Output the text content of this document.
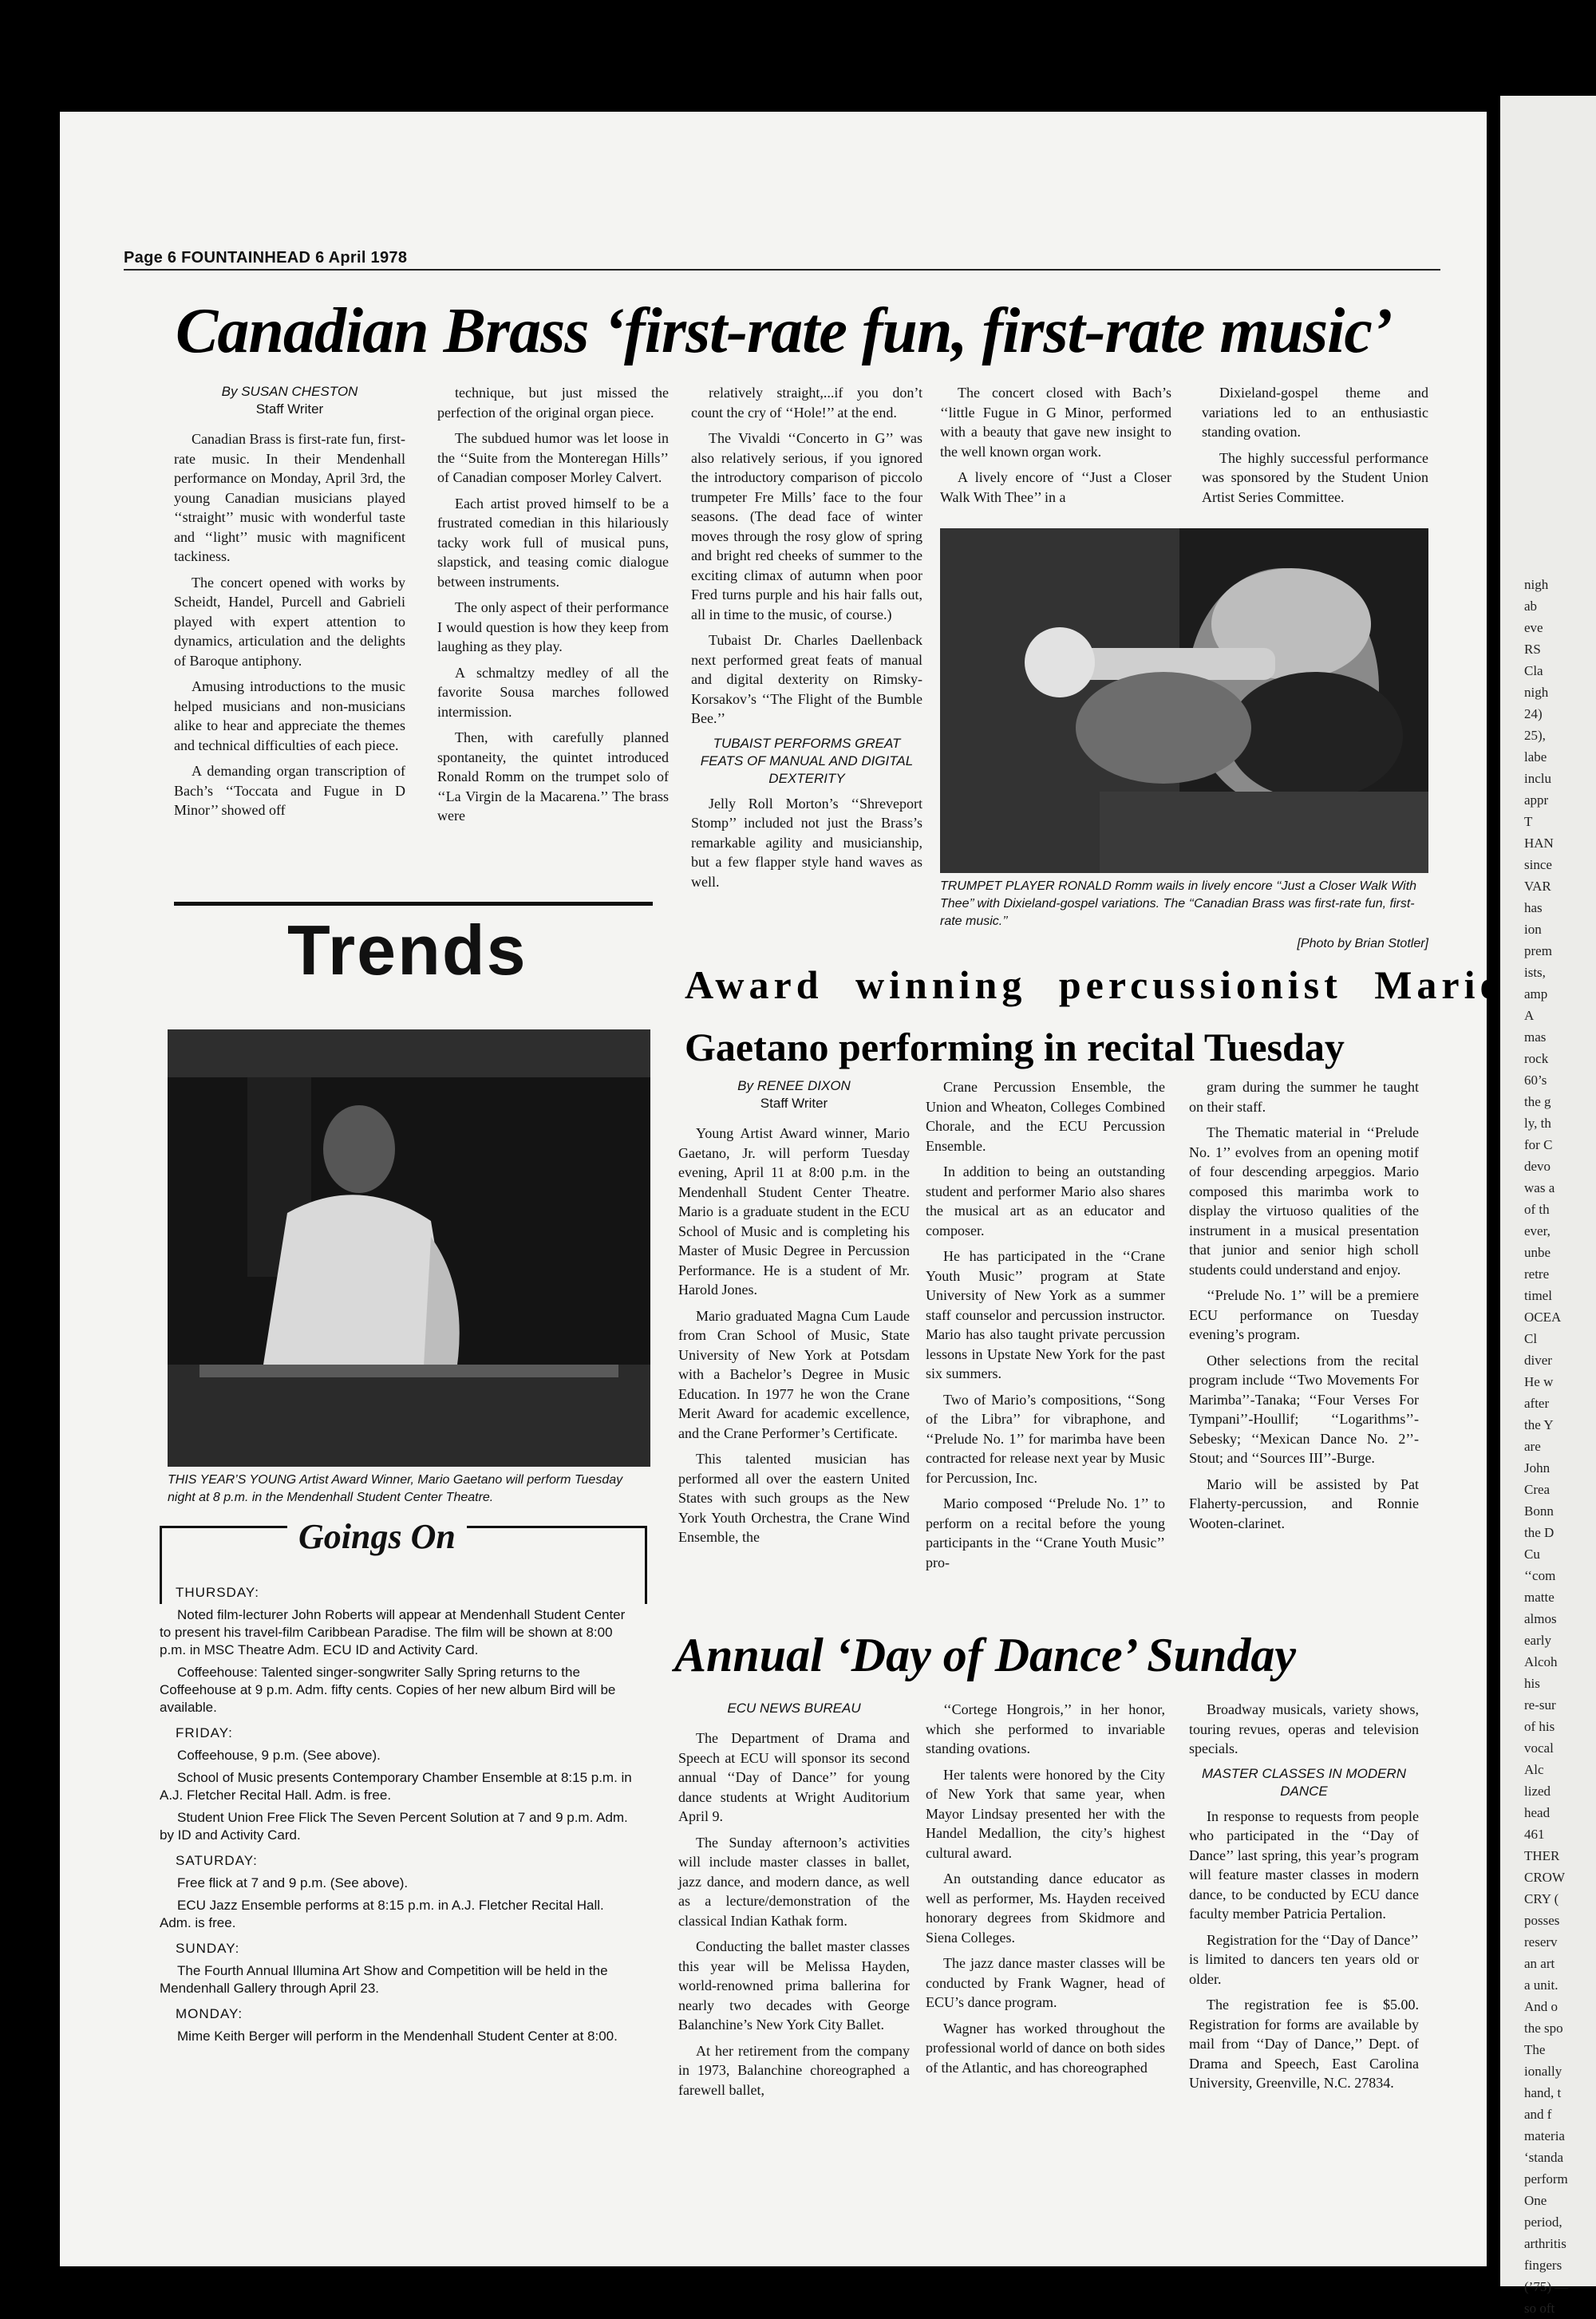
nigh
ab
eve
RS
Cla
nigh
24)
25),
labe
inclu
appr
T
HAN
since
VAR
has
ion
prem
ists,
amp
A
mas
rock
60’s
the g
ly, th
for C
devo
was a
of th
ever,
unbe
retre
timel
OCEA
Cl
diver
He w
after
the Y
are
John
Crea
Bonn
the D
Cu
‘‘com
matte
almos
early
Alcoh
his
re-sur
of his
vocal
Alc
lized
head
461
THER
CROW
CRY (
posses
reserv
an art
a unit.
And o
the spo
The
ionally
hand, t
and f
materia
‘standa
perform
One
period,
arthritis
fingers
(’75) —
so oft
Page 6 FOUNTAINHEAD 6 April 1978
Canadian Brass ‘first-rate fun, first-rate music’
By SUSAN CHESTON
Staff Writer

Canadian Brass is first-rate fun, first-rate music. In their Mendenhall performance on Monday, April 3rd, the young Canadian musicians played ‘‘straight’’ music with wonderful taste and ‘‘light’’ music with magnificent tackiness.

The concert opened with works by Scheidt, Handel, Purcell and Gabrieli played with expert attention to dynamics, articulation and the delights of Baroque antiphony.

Amusing introductions to the music helped musicians and non-musicians alike to hear and appreciate the themes and technical difficulties of each piece.

A demanding organ transcription of Bach’s ‘‘Toccata and Fugue in D Minor’’ showed off

technique, but just missed the perfection of the original organ piece.

The subdued humor was let loose in the ‘‘Suite from the Monteregan Hills’’ of Canadian composer Morley Calvert.

Each artist proved himself to be a frustrated comedian in this hilariously tacky work full of musical puns, slapstick, and teasing comic dialogue between instruments.

The only aspect of their performance I would question is how they keep from laughing as they play.

A schmaltzy medley of all the favorite Sousa marches followed intermission.

Then, with carefully planned spontaneity, the quintet introduced Ronald Romm on the trumpet solo of ‘‘La Virgin de la Macarena.’’ The brass were

relatively straight,...if you don’t count the cry of ‘‘Hole!’’ at the end.

The Vivaldi ‘‘Concerto in G’’ was also relatively serious, if you ignored the introductory comparison of piccolo trumpeter Fre Mills’ face to the four seasons. (The dead face of winter moves through the rosy glow of spring and bright red cheeks of summer to the exciting climax of autumn when poor Fred turns purple and his hair falls out, all in time to the music, of course.)

Tubaist Dr. Charles Daellenback next performed great feats of manual and digital dexterity on Rimsky-Korsakov’s ‘‘The Flight of the Bumble Bee.’’

TUBAIST PERFORMS GREAT FEATS OF MANUAL AND DIGITAL DEXTERITY

Jelly Roll Morton’s ‘‘Shreveport Stomp’’ included not just the Brass’s remarkable agility and musicianship, but a few flapper style hand waves as well.

The concert closed with Bach’s ‘‘little Fugue in G Minor, performed with a beauty that gave new insight to the well known organ work.

A lively encore of ‘‘Just a Closer Walk With Thee’’ in a

Dixieland-gospel theme and variations led to an enthusiastic standing ovation.

The highly successful performance was sponsored by the Student Union Artist Series Committee.

TRUMPET PLAYER RONALD Romm wails in lively encore ‘‘Just a Closer Walk With Thee’’ with Dixieland-gospel variations. The ‘‘Canadian Brass was first-rate fun, first-rate music.’’
[Photo by Brian Stotler]
Trends
THIS YEAR’S YOUNG Artist Award Winner, Mario Gaetano will perform Tuesday night at 8 p.m. in the Mendenhall Student Center Theatre.
Goings On
THURSDAY:

Noted film-lecturer John Roberts will appear at Mendenhall Student Center to present his travel-film Caribbean Paradise. The film will be shown at 8:00 p.m. in MSC Theatre Adm. ECU ID and Activity Card.

Coffeehouse: Talented singer-songwriter Sally Spring returns to the Coffeehouse at 9 p.m. Adm. fifty cents. Copies of her new album Bird will be available.

FRIDAY:

Coffeehouse, 9 p.m. (See above).

School of Music presents Contemporary Chamber Ensemble at 8:15 p.m. in A.J. Fletcher Recital Hall. Adm. is free.

Student Union Free Flick The Seven Percent Solution at 7 and 9 p.m. Adm. by ID and Activity Card.

SATURDAY:

Free flick at 7 and 9 p.m. (See above).

ECU Jazz Ensemble performs at 8:15 p.m. in A.J. Fletcher Recital Hall. Adm. is free.

SUNDAY:

The Fourth Annual Illumina Art Show and Competition will be held in the Mendenhall Gallery through April 23.

MONDAY:

Mime Keith Berger will perform in the Mendenhall Student Center at 8:00.

Award winning percussionist Mario
Gaetano performing in recital Tuesday
By RENEE DIXON
Staff Writer

Young Artist Award winner, Mario Gaetano, Jr. will perform Tuesday evening, April 11 at 8:00 p.m. in the Mendenhall Student Center Theatre. Mario is a graduate student in the ECU School of Music and is completing his Master of Music Degree in Percussion Performance. He is a student of Mr. Harold Jones.

Mario graduated Magna Cum Laude from Cran School of Music, State University of New York at Potsdam with a Bachelor’s Degree in Music Education. In 1977 he won the Crane Merit Award for academic excellence, and the Crane Performer’s Certificate.

This talented musician has performed all over the eastern United States with such groups as the New York Youth Orchestra, the Crane Wind Ensemble, the

Crane Percussion Ensemble, the Union and Wheaton, Colleges Combined Chorale, and the ECU Percussion Ensemble.

In addition to being an outstanding student and performer Mario also shares the musical art as an educator and composer.

He has participated in the ‘‘Crane Youth Music’’ program at State University of New York as a summer staff counselor and percussion instructor. Mario has also taught private percussion lessons in Upstate New York for the past six summers.

Two of Mario’s compositions, ‘‘Song of the Libra’’ for vibraphone, and ‘‘Prelude No. 1’’ for marimba have been contracted for release next year by Music for Percussion, Inc.

Mario composed ‘‘Prelude No. 1’’ to perform on a recital before the young participants in the ‘‘Crane Youth Music’’ pro-

gram during the summer he taught on their staff.

The Thematic material in ‘‘Prelude No. 1’’ evolves from an opening motif of four descending arpeggios. Mario composed this marimba work to display the virtuoso qualities of the instrument in a musical presentation that junior and senior high scholl students could understand and enjoy.

‘‘Prelude No. 1’’ will be a premiere ECU performance on Tuesday evening’s program.

Other selections from the recital program include ‘‘Two Movements For Marimba’’-Tanaka; ‘‘Four Verses For Tympani’’-Houllif; ‘‘Logarithms’’-Sebesky; ‘‘Mexican Dance No. 2’’-Stout; and ‘‘Sources III’’-Burge.

Mario will be assisted by Pat Flaherty-percussion, and Ronnie Wooten-clarinet.

Annual ‘Day of Dance’ Sunday
ECU NEWS BUREAU

The Department of Drama and Speech at ECU will sponsor its second annual ‘‘Day of Dance’’ for young dance students at Wright Auditorium April 9.

The Sunday afternoon’s activities will include master classes in ballet, jazz dance, and modern dance, as well as a lecture/demonstration of the classical Indian Kathak form.

Conducting the ballet master classes this year will be Melissa Hayden, world-renowned prima ballerina for nearly two decades with George Balanchine’s New York City Ballet.

At her retirement from the company in 1973, Balanchine choreographed a farewell ballet,

‘‘Cortege Hongrois,’’ in her honor, which she performed to invariable standing ovations.

Her talents were honored by the City of New York that same year, when Mayor Lindsay presented her with the Handel Medallion, the city’s highest cultural award.

An outstanding dance educator as well as performer, Ms. Hayden received honorary degrees from Skidmore and Siena Colleges.

The jazz dance master classes will be conducted by Frank Wagner, head of ECU’s dance program.

Wagner has worked throughout the professional world of dance on both sides of the Atlantic, and has choreographed

Broadway musicals, variety shows, touring revues, operas and television specials.

MASTER CLASSES IN MODERN DANCE

In response to requests from people who participated in the ‘‘Day of Dance’’ last spring, this year’s program will feature master classes in modern dance, to be conducted by ECU dance faculty member Patricia Pertalion.

Registration for the ‘‘Day of Dance’’ is limited to dancers ten years old or older.

The registration fee is $5.00. Registration for forms are available by mail from ‘‘Day of Dance,’’ Dept. of Drama and Speech, East Carolina University, Greenville, N.C. 27834.
